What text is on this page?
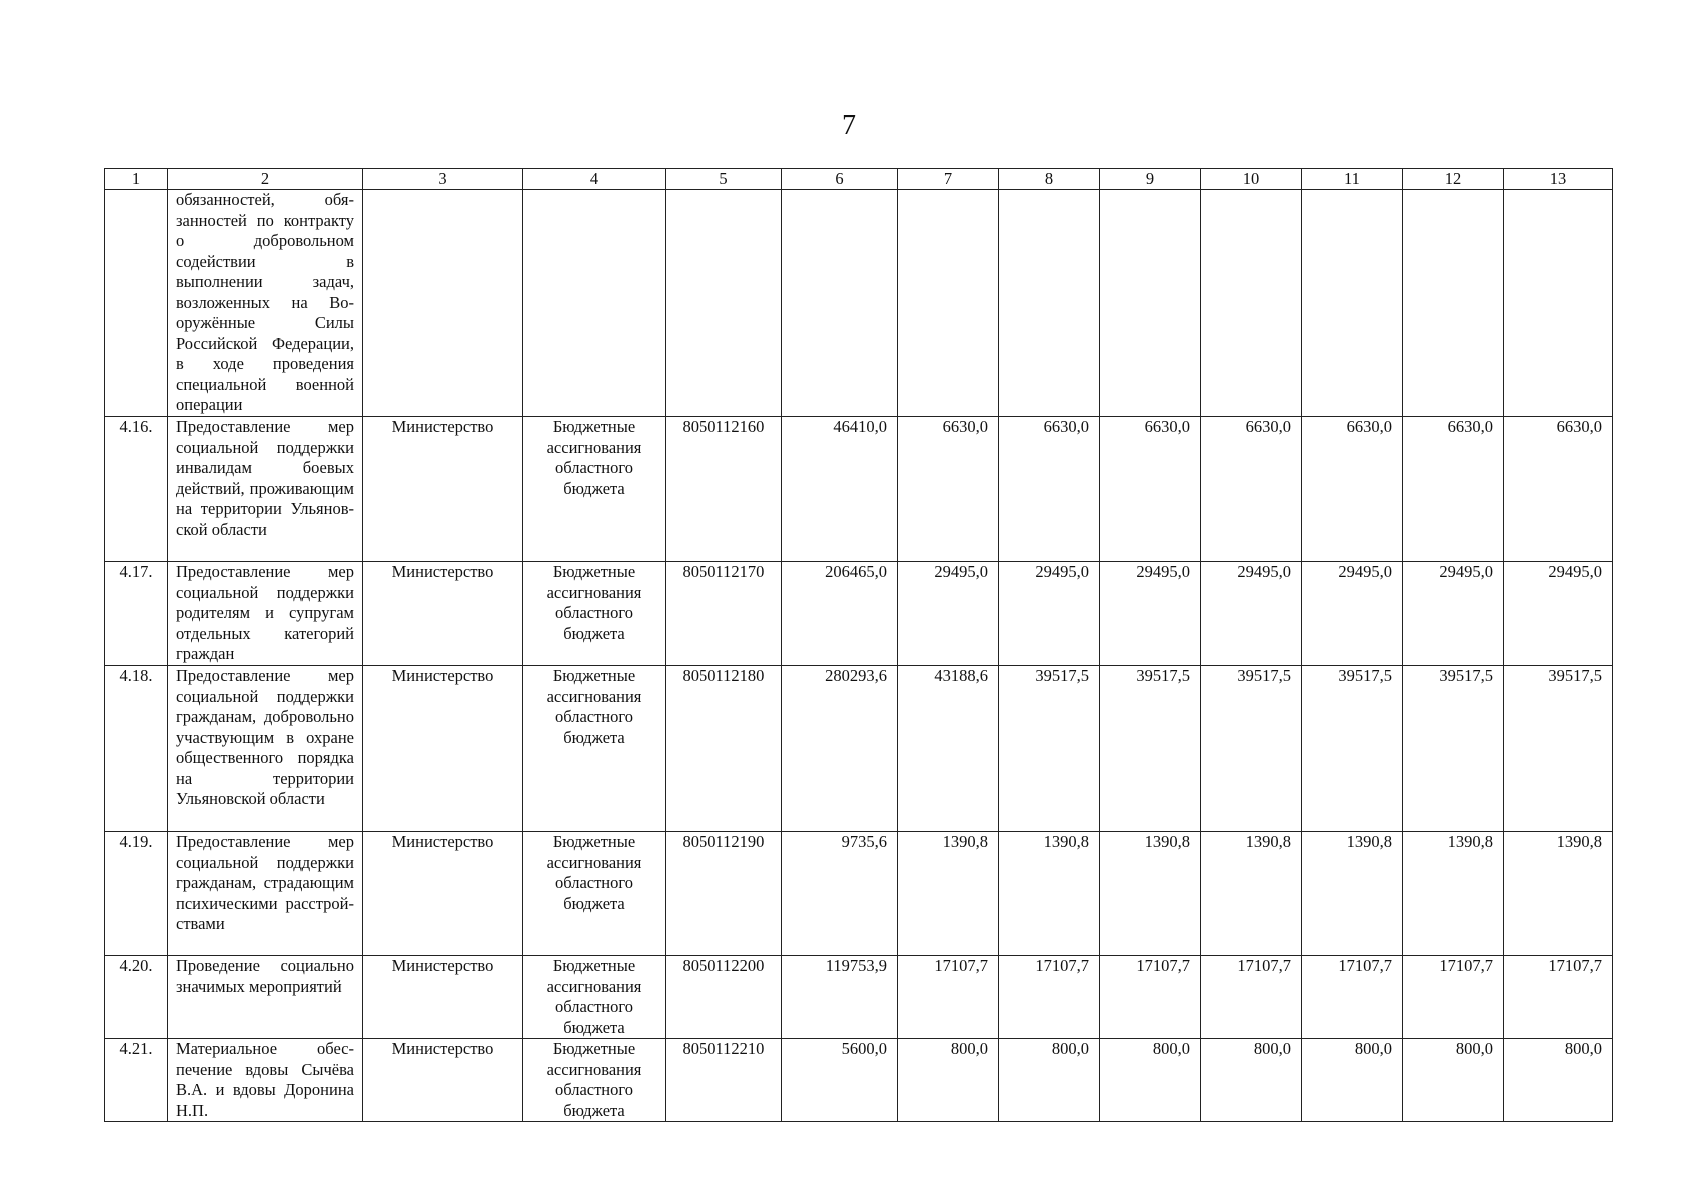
7
1	2	3	4	5	6	7	8	9	10	11	12	13
	обязанностей, обязанностей по контракту о добровольном содействии в выполнении задач, возложенных на Вооружённые Силы Российской Федерации, в ходе проведения специальной военной операции											
4.16.	Предоставление мер социальной поддержки инвалидам боевых действий, проживающим на территории Ульяновской области	Министерство	Бюджетные ассигнования областного бюджета	8050112160	46410,0	6630,0	6630,0	6630,0	6630,0	6630,0	6630,0	6630,0
4.17.	Предоставление мер социальной поддержки родителям и супругам отдельных категорий граждан	Министерство	Бюджетные ассигнования областного бюджета	8050112170	206465,0	29495,0	29495,0	29495,0	29495,0	29495,0	29495,0	29495,0
4.18.	Предоставление мер социальной поддержки гражданам, добровольно участвующим в охране общественного порядка на территории Ульяновской области	Министерство	Бюджетные ассигнования областного бюджета	8050112180	280293,6	43188,6	39517,5	39517,5	39517,5	39517,5	39517,5	39517,5
4.19.	Предоставление мер социальной поддержки гражданам, страдающим психическими расстройствами	Министерство	Бюджетные ассигнования областного бюджета	8050112190	9735,6	1390,8	1390,8	1390,8	1390,8	1390,8	1390,8	1390,8
4.20.	Проведение социально значимых мероприятий	Министерство	Бюджетные ассигнования областного бюджета	8050112200	119753,9	17107,7	17107,7	17107,7	17107,7	17107,7	17107,7	17107,7
4.21.	Материальное обеспечение вдовы Сычёва В.А. и вдовы Доронина Н.П.	Министерство	Бюджетные ассигнования областного бюджета	8050112210	5600,0	800,0	800,0	800,0	800,0	800,0	800,0	800,0
